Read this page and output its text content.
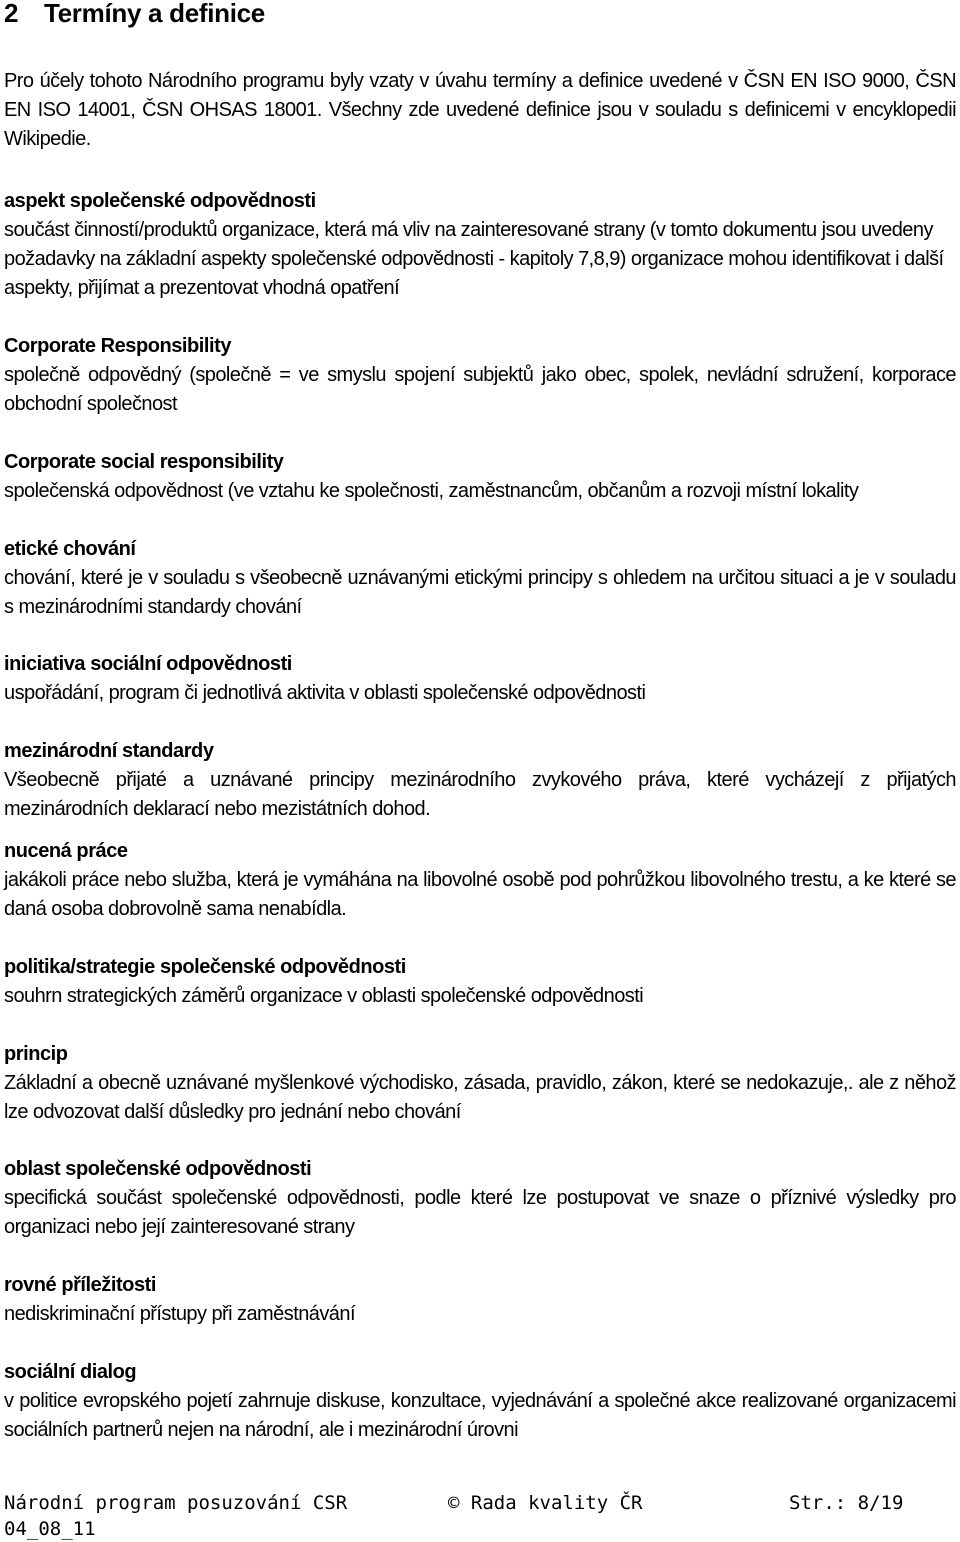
2 Termíny a definice

Pro účely tohoto Národního programu byly vzaty v úvahu termíny a definice uvedené v ČSN EN ISO 9000, ČSN EN ISO 14001, ČSN OHSAS 18001. Všechny zde uvedené definice jsou v souladu s definicemi v encyklopedii Wikipedie.

aspekt společenské odpovědnosti

součást činností/produktů organizace, která má vliv na zainteresované strany (v tomto dokumentu jsou uvedeny požadavky na základní aspekty společenské odpovědnosti - kapitoly 7,8,9) organizace mohou identifikovat i další aspekty, přijímat a prezentovat vhodná opatření

Corporate Responsibility

společně odpovědný (společně = ve smyslu spojení subjektů jako obec, spolek, nevládní sdružení, korporace obchodní společnost

Corporate social responsibility

společenská odpovědnost (ve vztahu ke společnosti, zaměstnancům, občanům a rozvoji místní lokality

etické chování

chování, které je v souladu s všeobecně uznávanými etickými principy s ohledem na určitou situaci a je v souladu s mezinárodními standardy chování

iniciativa sociální odpovědnosti

uspořádání, program či jednotlivá aktivita v oblasti společenské odpovědnosti

mezinárodní standardy

Všeobecně přijaté a uznávané principy mezinárodního zvykového práva, které vycházejí z přijatých mezinárodních deklarací nebo mezistátních dohod.

nucená práce

jakákoli práce nebo služba, která je vymáhána na libovolné osobě pod pohrůžkou libovolného trestu, a ke které se daná osoba dobrovolně sama nenabídla.

politika/strategie společenské odpovědnosti

souhrn strategických záměrů organizace v oblasti společenské odpovědnosti

princip

Základní a obecně uznávané myšlenkové východisko, zásada, pravidlo, zákon, které se nedokazuje,. ale z něhož lze odvozovat další důsledky pro jednání nebo chování

oblast společenské odpovědnosti

specifická součást společenské odpovědnosti, podle které lze postupovat ve snaze o příznivé výsledky pro organizaci nebo její zainteresované strany

rovné příležitosti

nediskriminační přístupy při zaměstnávání

sociální dialog

v politice evropského pojetí zahrnuje diskuse, konzultace, vyjednávání a společné akce realizované organizacemi sociálních partnerů nejen na národní, ale i mezinárodní úrovni

Národní program posuzování CSR	© Rada kvality ČR	Str.: 8/19
04_08_11
